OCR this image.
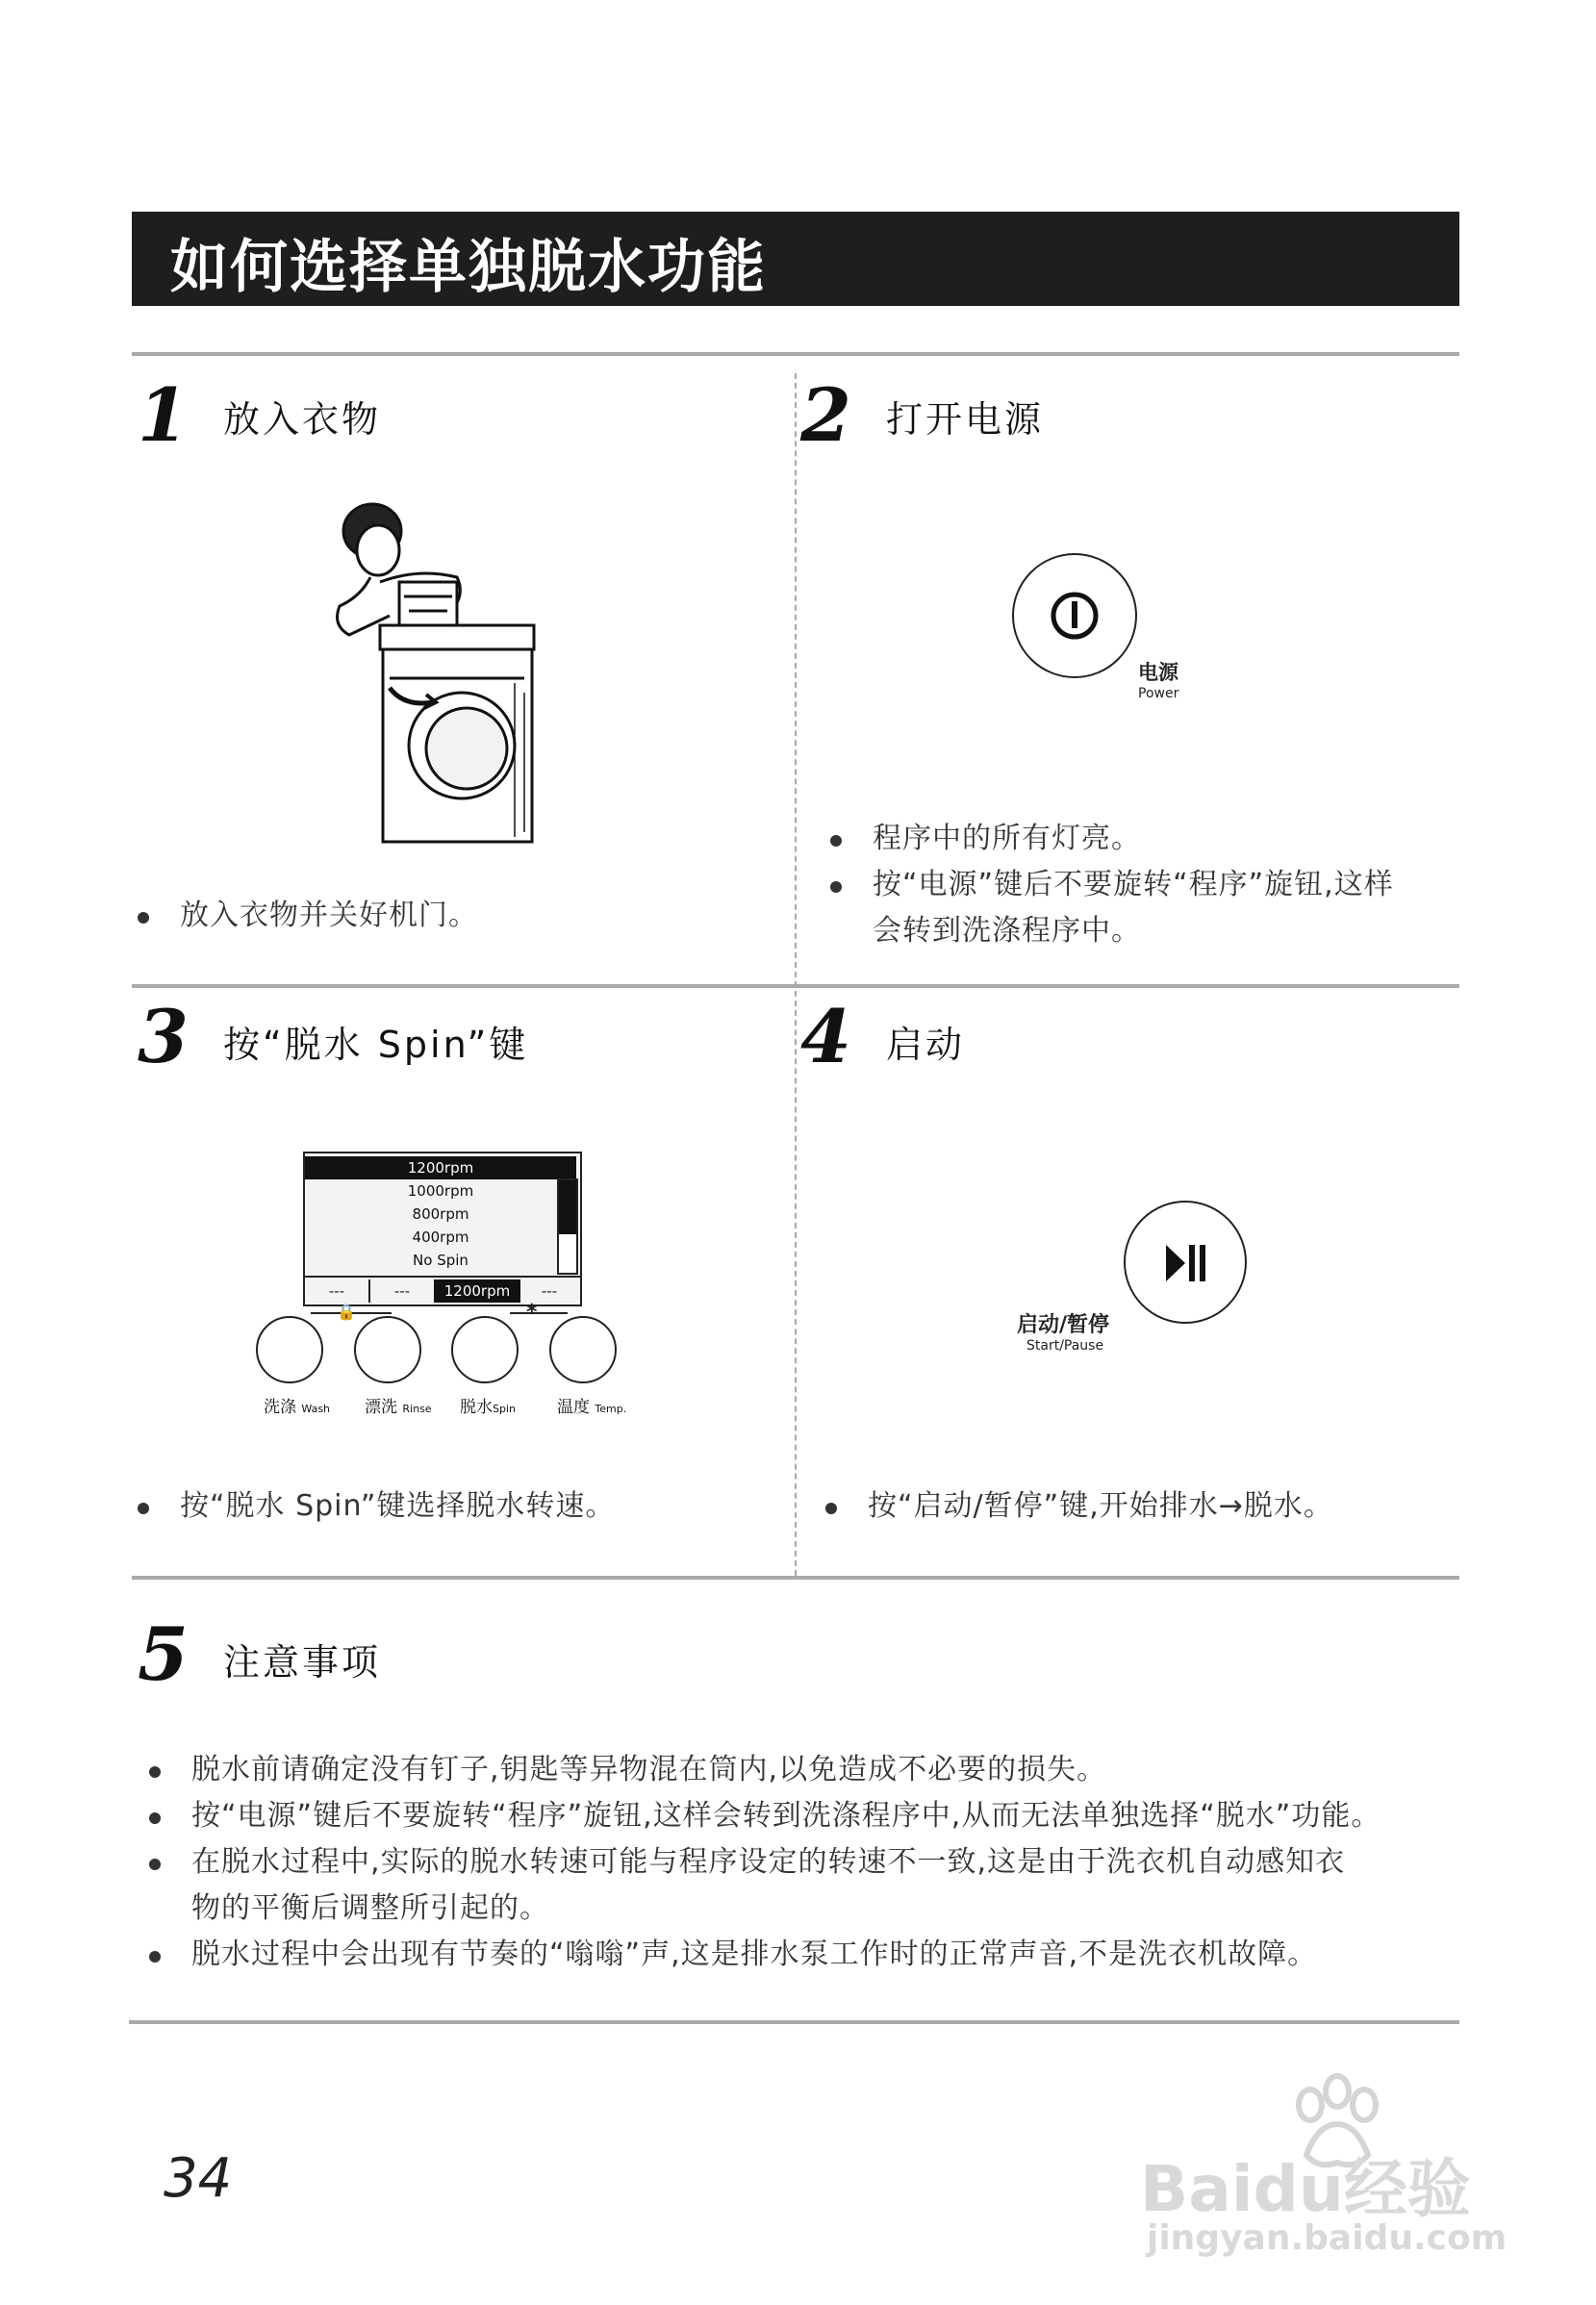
如何选择单独脱水功能
1 放入衣物
放入衣物并关好机门。
2 打开电源
电源
Power
程序中的所有灯亮。
按“电源”键后不要旋转“程序”旋钮,这样
会转到洗涤程序中。
3 按“脱水 Spin”键
1200rpm
1000rpm
800rpm
400rpm
No Spin
---	---	1200rpm	---
🔒	*
洗涤 Wash 漂洗 Rinse 脱水Spin	温度 Temp.
按“脱水 Spin”键选择脱水转速。
4 启动
启动/暂停
Start/Pause
按“启动/暂停”键,开始排水→脱水。
5 注意事项
脱水前请确定没有钉子,钥匙等异物混在筒内,以免造成不必要的损失。
按“电源”键后不要旋转“程序”旋钮,这样会转到洗涤程序中,从而无法单独选择“脱水”功能。
在脱水过程中,实际的脱水转速可能与程序设定的转速不一致,这是由于洗衣机自动感知衣
物的平衡后调整所引起的。
脱水过程中会出现有节奏的“嗡嗡”声,这是排水泵工作时的正常声音,不是洗衣机故障。
34	Baidu经验
jingyan.baidu.com
